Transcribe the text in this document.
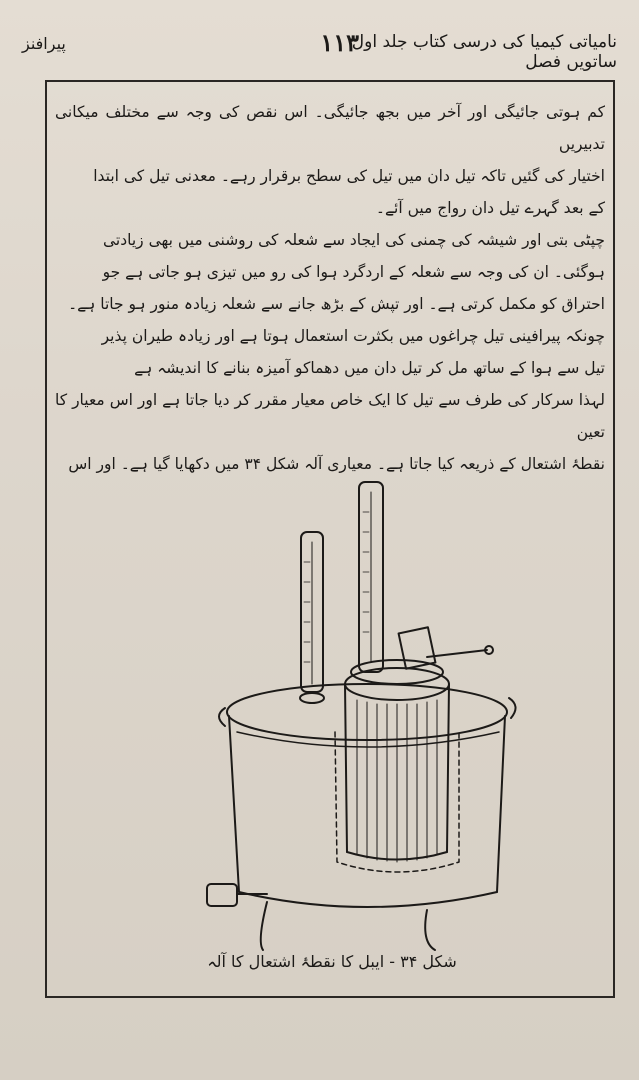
نامیاتی کیمیا کی درسی کتاب جلد اول ساتویں فصل
۱۱۳
پیرافنز

کم ہوتی جائیگی اور آخر میں بجھ جائیگی۔ اس نقص کی وجہ سے مختلف میکانی تدبیریں

اختیار کی گئیں تاکہ تیل دان میں تیل کی سطح برقرار رہے۔ معدنی تیل کی ابتدا

کے بعد گہرے تیل دان رواج میں آئے۔

چپٹی بتی اور شیشہ کی چمنی کی ایجاد سے شعلہ کی روشنی میں بھی زیادتی

ہوگئی۔ ان کی وجہ سے شعلہ کے اردگرد ہوا کی رو میں تیزی ہو جاتی ہے جو

احتراق کو مکمل کرتی ہے۔ اور تپش کے بڑھ جانے سے شعلہ زیادہ منور ہو جاتا ہے۔

چونکہ پیرافینی تیل چراغوں میں بکثرت استعمال ہوتا ہے اور زیادہ طیران پذیر

تیل سے ہوا کے ساتھ مل کر تیل دان میں دھماکو آمیزہ بنانے کا اندیشہ ہے

لہذا سرکار کی طرف سے تیل کا ایک خاص معیار مقرر کر دیا جاتا ہے اور اس معیار کا تعین

نقطۂ اشتعال کے ذریعہ کیا جاتا ہے۔ معیاری آلہ شکل ۳۴ میں دکھایا گیا ہے۔ اور اس

شکل ۳۴ - ایبل کا نقطۂ اشتعال کا آلہ
